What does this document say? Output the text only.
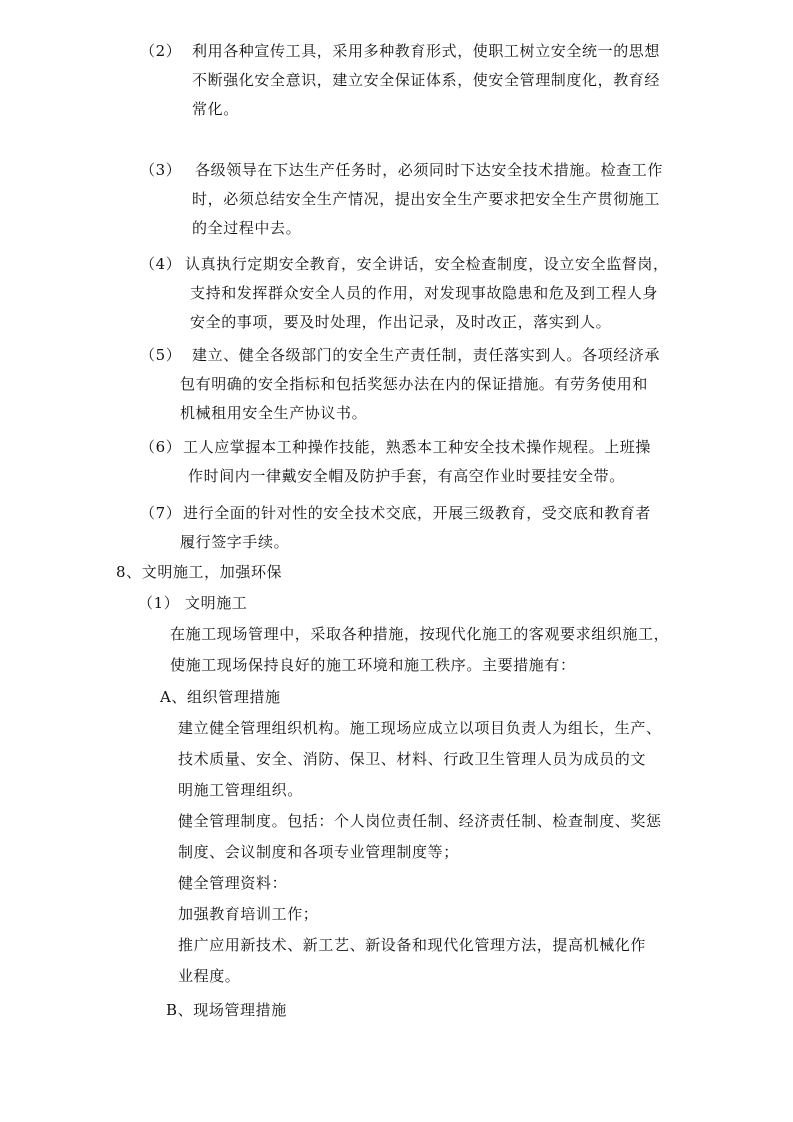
（2） 利用各种宣传工具，采用多种教育形式，使职工树立安全统一的思想
不断强化安全意识，建立安全保证体系，使安全管理制度化，教育经
常化。
（3） 各级领导在下达生产任务时，必须同时下达安全技术措施。检查工作
时，必须总结安全生产情况，提出安全生产要求把安全生产贯彻施工
的全过程中去。
（4） 认真执行定期安全教育，安全讲话，安全检查制度，设立安全监督岗，
支持和发挥群众安全人员的作用，对发现事故隐患和危及到工程人身
安全的事项，要及时处理，作出记录，及时改正，落实到人。
（5） 建立、健全各级部门的安全生产责任制，责任落实到人。各项经济承
包有明确的安全指标和包括奖惩办法在内的保证措施。有劳务使用和
机械租用安全生产协议书。
（6） 工人应掌握本工种操作技能，熟悉本工种安全技术操作规程。上班操
作时间内一律戴安全帽及防护手套，有高空作业时要挂安全带。
（7） 进行全面的针对性的安全技术交底，开展三级教育，受交底和教育者
履行签字手续。
8、文明施工，加强环保
（1） 文明施工
在施工现场管理中，采取各种措施，按现代化施工的客观要求组织施工，
使施工现场保持良好的施工环境和施工秩序。主要措施有：
A、组织管理措施
建立健全管理组织机构。施工现场应成立以项目负责人为组长，生产、
技术质量、安全、消防、保卫、材料、行政卫生管理人员为成员的文
明施工管理组织。
健全管理制度。包括：个人岗位责任制、经济责任制、检查制度、奖惩
制度、会议制度和各项专业管理制度等；
健全管理资料：
加强教育培训工作；
推广应用新技术、新工艺、新设备和现代化管理方法，提高机械化作
业程度。
B、现场管理措施
